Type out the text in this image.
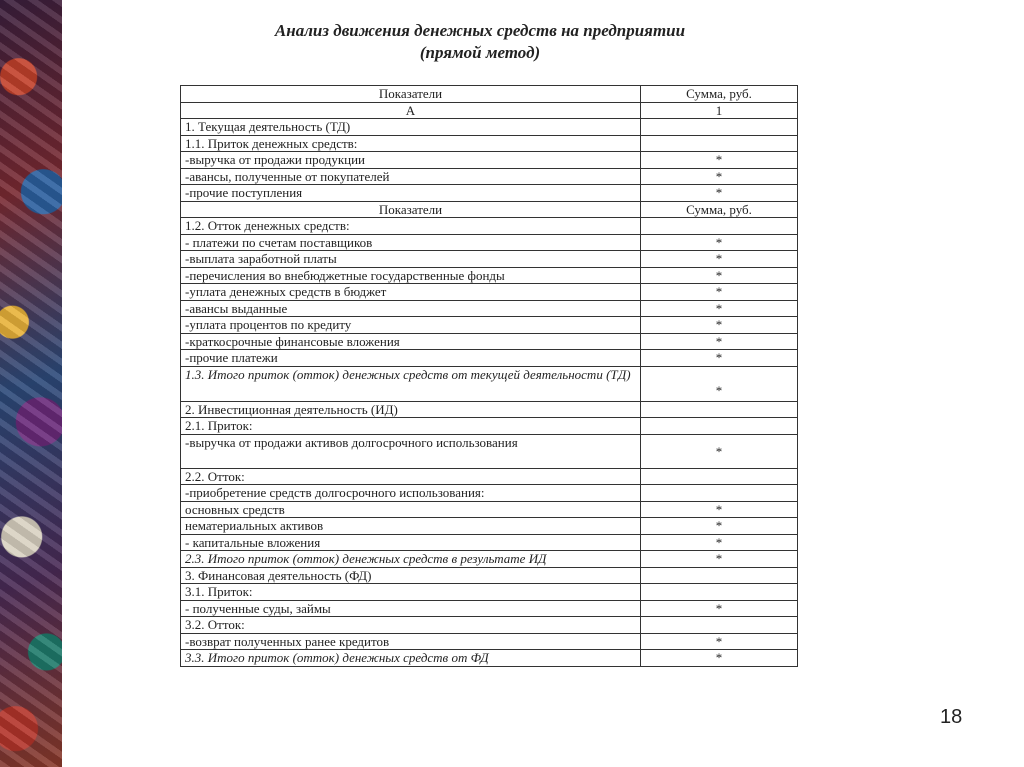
Анализ движения денежных средств на предприятии
(прямой метод)
Показатели	Сумма, руб.
А	1
1. Текущая деятельность (ТД)	
1.1. Приток денежных средств:	
-выручка от продажи продукции	*
-авансы, полученные от покупателей	*
-прочие поступления	*
Показатели	Сумма, руб.
1.2. Отток денежных средств:	
- платежи по счетам поставщиков	*
-выплата заработной платы	*
-перечисления во внебюджетные государственные фонды	*
-уплата денежных средств в бюджет	*
-авансы выданные	*
-уплата процентов по кредиту	*
-краткосрочные финансовые вложения	*
-прочие платежи	*
1.3. Итого приток (отток) денежных средств от текущей деятельности (ТД)	*
2. Инвестиционная деятельность (ИД)	
2.1. Приток:	
-выручка от продажи активов долгосрочного использования	*
2.2. Отток:	
-приобретение средств долгосрочного использования:	
основных средств	*
нематериальных активов	*
- капитальные вложения	*
2.3. Итого приток (отток) денежных средств в результате ИД	*
3. Финансовая деятельность (ФД)	
3.1. Приток:	
- полученные суды, займы	*
3.2. Отток:	
-возврат полученных ранее кредитов	*
3.3. Итого приток (отток) денежных средств от ФД	*
18
